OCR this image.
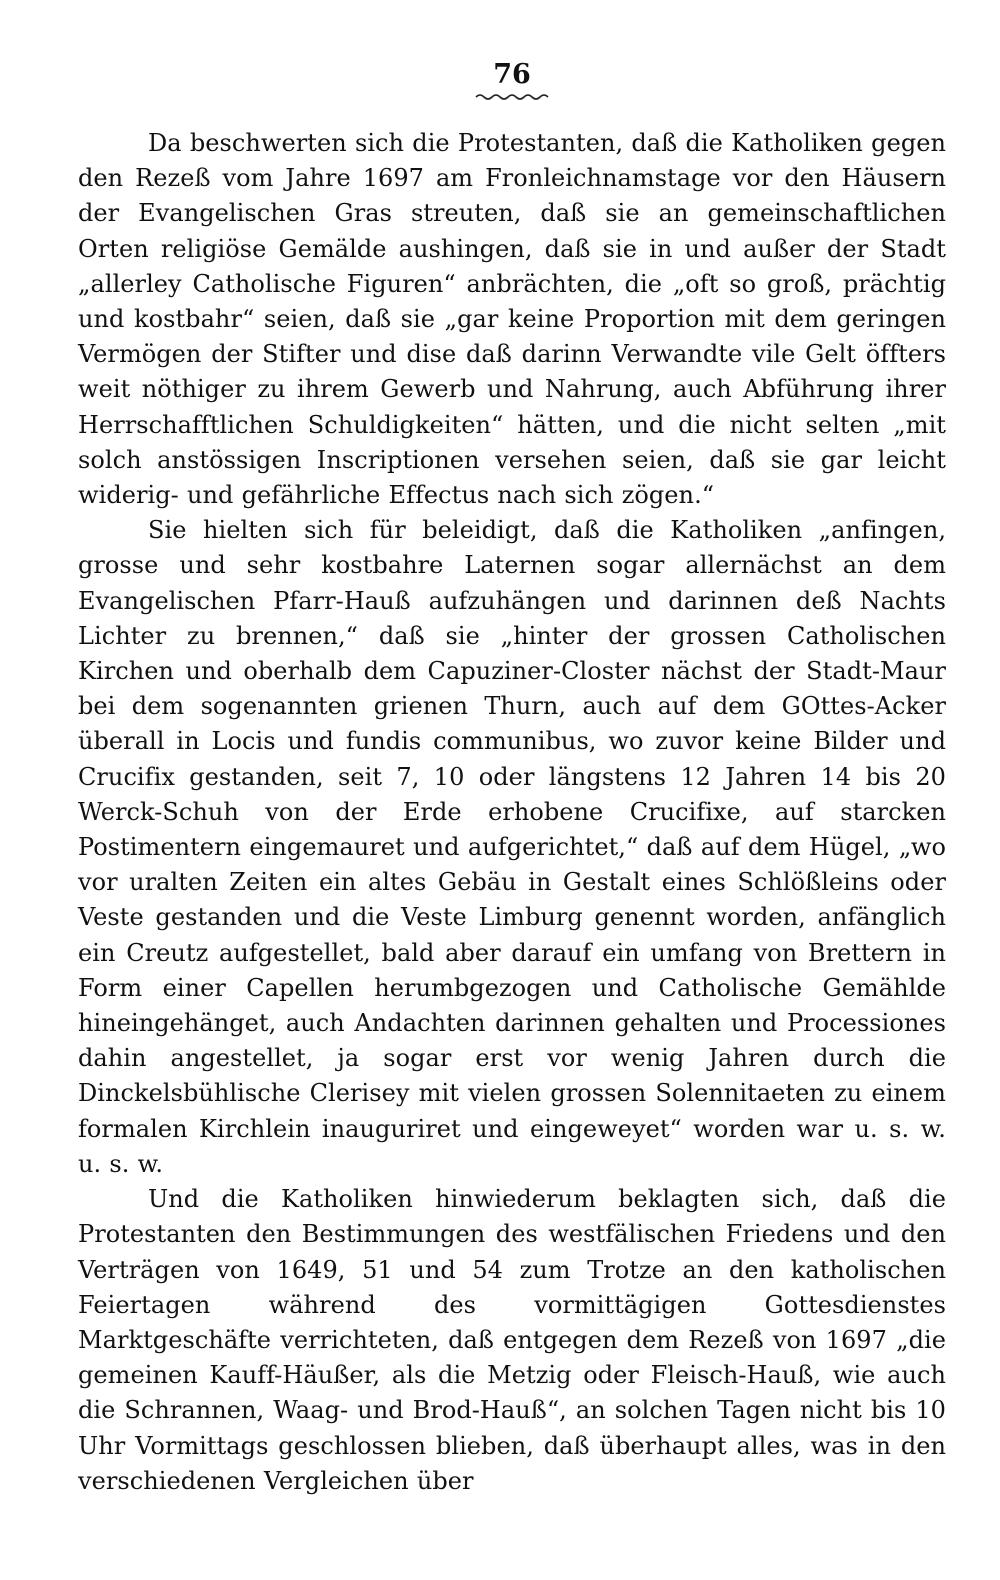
76

Da beschwerten sich die Protestanten, daß die Katholiken gegen den Rezeß vom Jahre 1697 am Fronleichnamstage vor den Häusern der Evangelischen Gras streuten, daß sie an gemeinschaftlichen Orten religiöse Gemälde aushingen, daß sie in und außer der Stadt „allerley Catholische Figuren“ anbrächten, die „oft so groß, prächtig und kostbahr“ seien, daß sie „gar keine Proportion mit dem geringen Vermögen der Stifter und dise daß darinn Verwandte vile Gelt öffters weit nöthiger zu ihrem Gewerb und Nahrung, auch Abführung ihrer Herrschafftlichen Schuldigkeiten“ hätten, und die nicht selten „mit solch anstössigen Inscriptionen versehen seien, daß sie gar leicht widerig- und gefährliche Effectus nach sich zögen.“

Sie hielten sich für beleidigt, daß die Katholiken „anfingen, grosse und sehr kostbahre Laternen sogar allernächst an dem Evangelischen Pfarr-Hauß aufzuhängen und darinnen deß Nachts Lichter zu brennen,“ daß sie „hinter der grossen Catholischen Kirchen und oberhalb dem Capuziner-Closter nächst der Stadt-Maur bei dem sogenannten grienen Thurn, auch auf dem GOttes-Acker überall in Locis und fundis communibus, wo zuvor keine Bilder und Crucifix gestanden, seit 7, 10 oder längstens 12 Jahren 14 bis 20 Werck-Schuh von der Erde erhobene Crucifixe, auf starcken Postimentern eingemauret und aufgerichtet,“ daß auf dem Hügel, „wo vor uralten Zeiten ein altes Gebäu in Gestalt eines Schlößleins oder Veste gestanden und die Veste Limburg genennt worden, anfänglich ein Creutz aufgestellet, bald aber darauf ein umfang von Brettern in Form einer Capellen herumbgezogen und Catholische Gemählde hineingehänget, auch Andachten darinnen gehalten und Processiones dahin angestellet, ja sogar erst vor wenig Jahren durch die Dinckelsbühlische Clerisey mit vielen grossen Solennitaeten zu einem formalen Kirchlein inauguriret und eingeweyet“ worden war u. s. w. u. s. w.

Und die Katholiken hinwiederum beklagten sich, daß die Protestanten den Bestimmungen des westfälischen Friedens und den Verträgen von 1649, 51 und 54 zum Trotze an den katholischen Feiertagen während des vormittägigen Gottesdienstes Marktgeschäfte verrichteten, daß entgegen dem Rezeß von 1697 „die gemeinen Kauff-Häußer, als die Metzig oder Fleisch-Hauß, wie auch die Schrannen, Waag- und Brod-Hauß“, an solchen Tagen nicht bis 10 Uhr Vormittags geschlossen blieben, daß überhaupt alles, was in den verschiedenen Vergleichen über
